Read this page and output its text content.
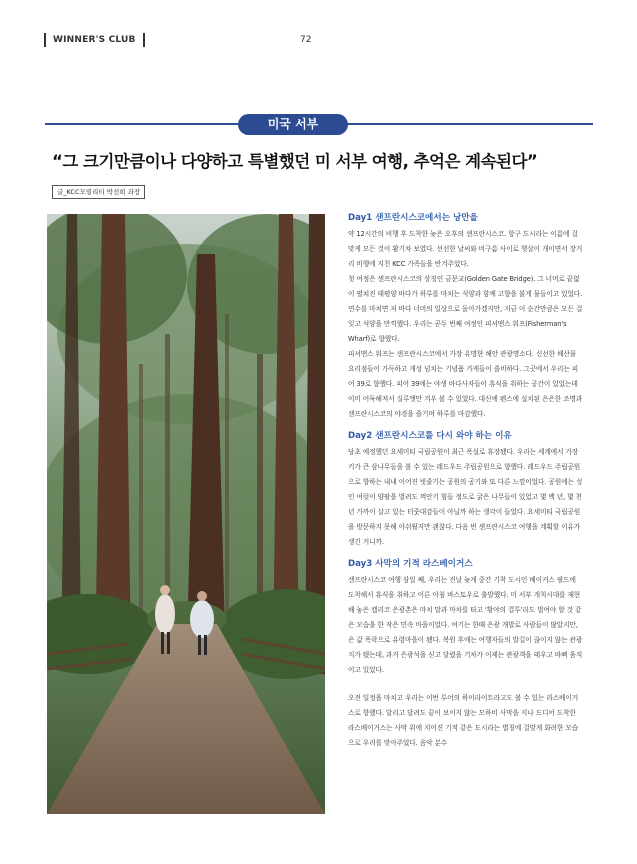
WINNER'S CLUB	72
미국 서부
“그 크기만큼이나 다양하고 특별했던 미 서부 여행, 추억은 계속된다”
글_KCC모빌리티 박선희 과장
Day1 샌프란시스코에서는 낭만을

약 12시간의 비행 후 도착한 늦은 오후의 샌프란시스코. 항구 도시라는 이름에 걸맞게 모든 것이 활기차 보였다. 선선한 날씨와 비구름 사이로 햇살이 개이면서 장거리 비행에 지친 KCC 가족들을 반겨주었다.

첫 여정은 샌프란시스코의 상징인 금문교(Golden Gate Bridge). 그 너머로 끝없이 펼쳐진 태평양 바다가 하루를 마치는 석양과 함께 고향을 붉게 물들이고 있었다. 연수를 마치면 저 바다 너머의 일상으로 돌아가겠지만, 지금 이 순간만큼은 모든 걸 잊고 석양을 만끽했다. 우리는 곧두 번째 여정인 피셔맨스 워프(Fisherman's Wharf)로 향했다.

피셔맨스 워프는 샌프란시스코에서 가장 유명한 해안 관광명소다. 신선한 해산물 요리점들이 가득하고 개성 넘치는 기념품 가게들이 즐비하다. 그곳에서 우리는 피어 39로 향했다. 피어 39에는 야생 바다사자들이 휴식을 취하는 공간이 있었는데 이미 어둑해져서 실루엣만 겨우 볼 수 있었다. 대신에 펜스에 설치된 은은한 조명과 샌프란시스코의 야경을 즐기며 하루를 마감했다.

Day2 샌프란시스코를 다시 와야 하는 이유

당초 예정했던 요세미티 국립공원이 최근 폭설로 휴장됐다. 우리는 세계에서 가장 키가 큰 삼나무들을 볼 수 있는 레드우드 주립공원으로 향했다. 레드우드 주립공원으로 향하는 내내 이어진 빗줄기는 공원의 공기와 또 다른 느낌이었다. 공원에는 성인 여럿이 양팔을 벌려도 껴안기 힘들 정도로 굵은 나무들이 있었고 몇 백 년, 몇 천 년 가까이 살고 있는 터줏대감들이 아닐까 하는 생각이 들었다. 요세미티 국립공원을 방문하지 못해 아쉬웠지만 괜찮다. 다음 번 샌프란시스코 여행을 계획할 이유가 생긴 거니까.

Day3 사막의 기적 라스베이거스

샌프란시스코 여행 삼일 째, 우리는 전날 늦게 중간 기착 도시인 베이커스 필드에 도착해서 휴식을 취하고 이른 아침 바스토우로 출발했다. 미 서부 개척시대를 재현해 놓은 캘리코 은광촌은 마치 말과 마차를 타고 '황야의 결투'라도 벌여야 할 것 같은 모습을 한 작은 민속 마을이었다. 여기는 한때 은광 개발로 사람들이 많았지만, 은 값 폭락으로 유령마을이 됐다. 복원 후에는 여행자들의 발길이 끊이지 않는 관광지가 됐는데, 과거 은광석을 싣고 달렸을 기차가 이제는 관광객을 태우고 바삐 움직이고 있었다.

오전 일정을 마치고 우리는 이번 투어의 하이라이트라고도 볼 수 있는 라스베이거스로 향했다. 달리고 달려도 끝이 보이지 않는 모하비 사막을 지나 드디어 도착한 라스베이거스는 사막 위에 지어진 기적 같은 도시라는 별칭에 걸맞게 화려한 모습으로 우리를 맞아주었다. 음악 분수
